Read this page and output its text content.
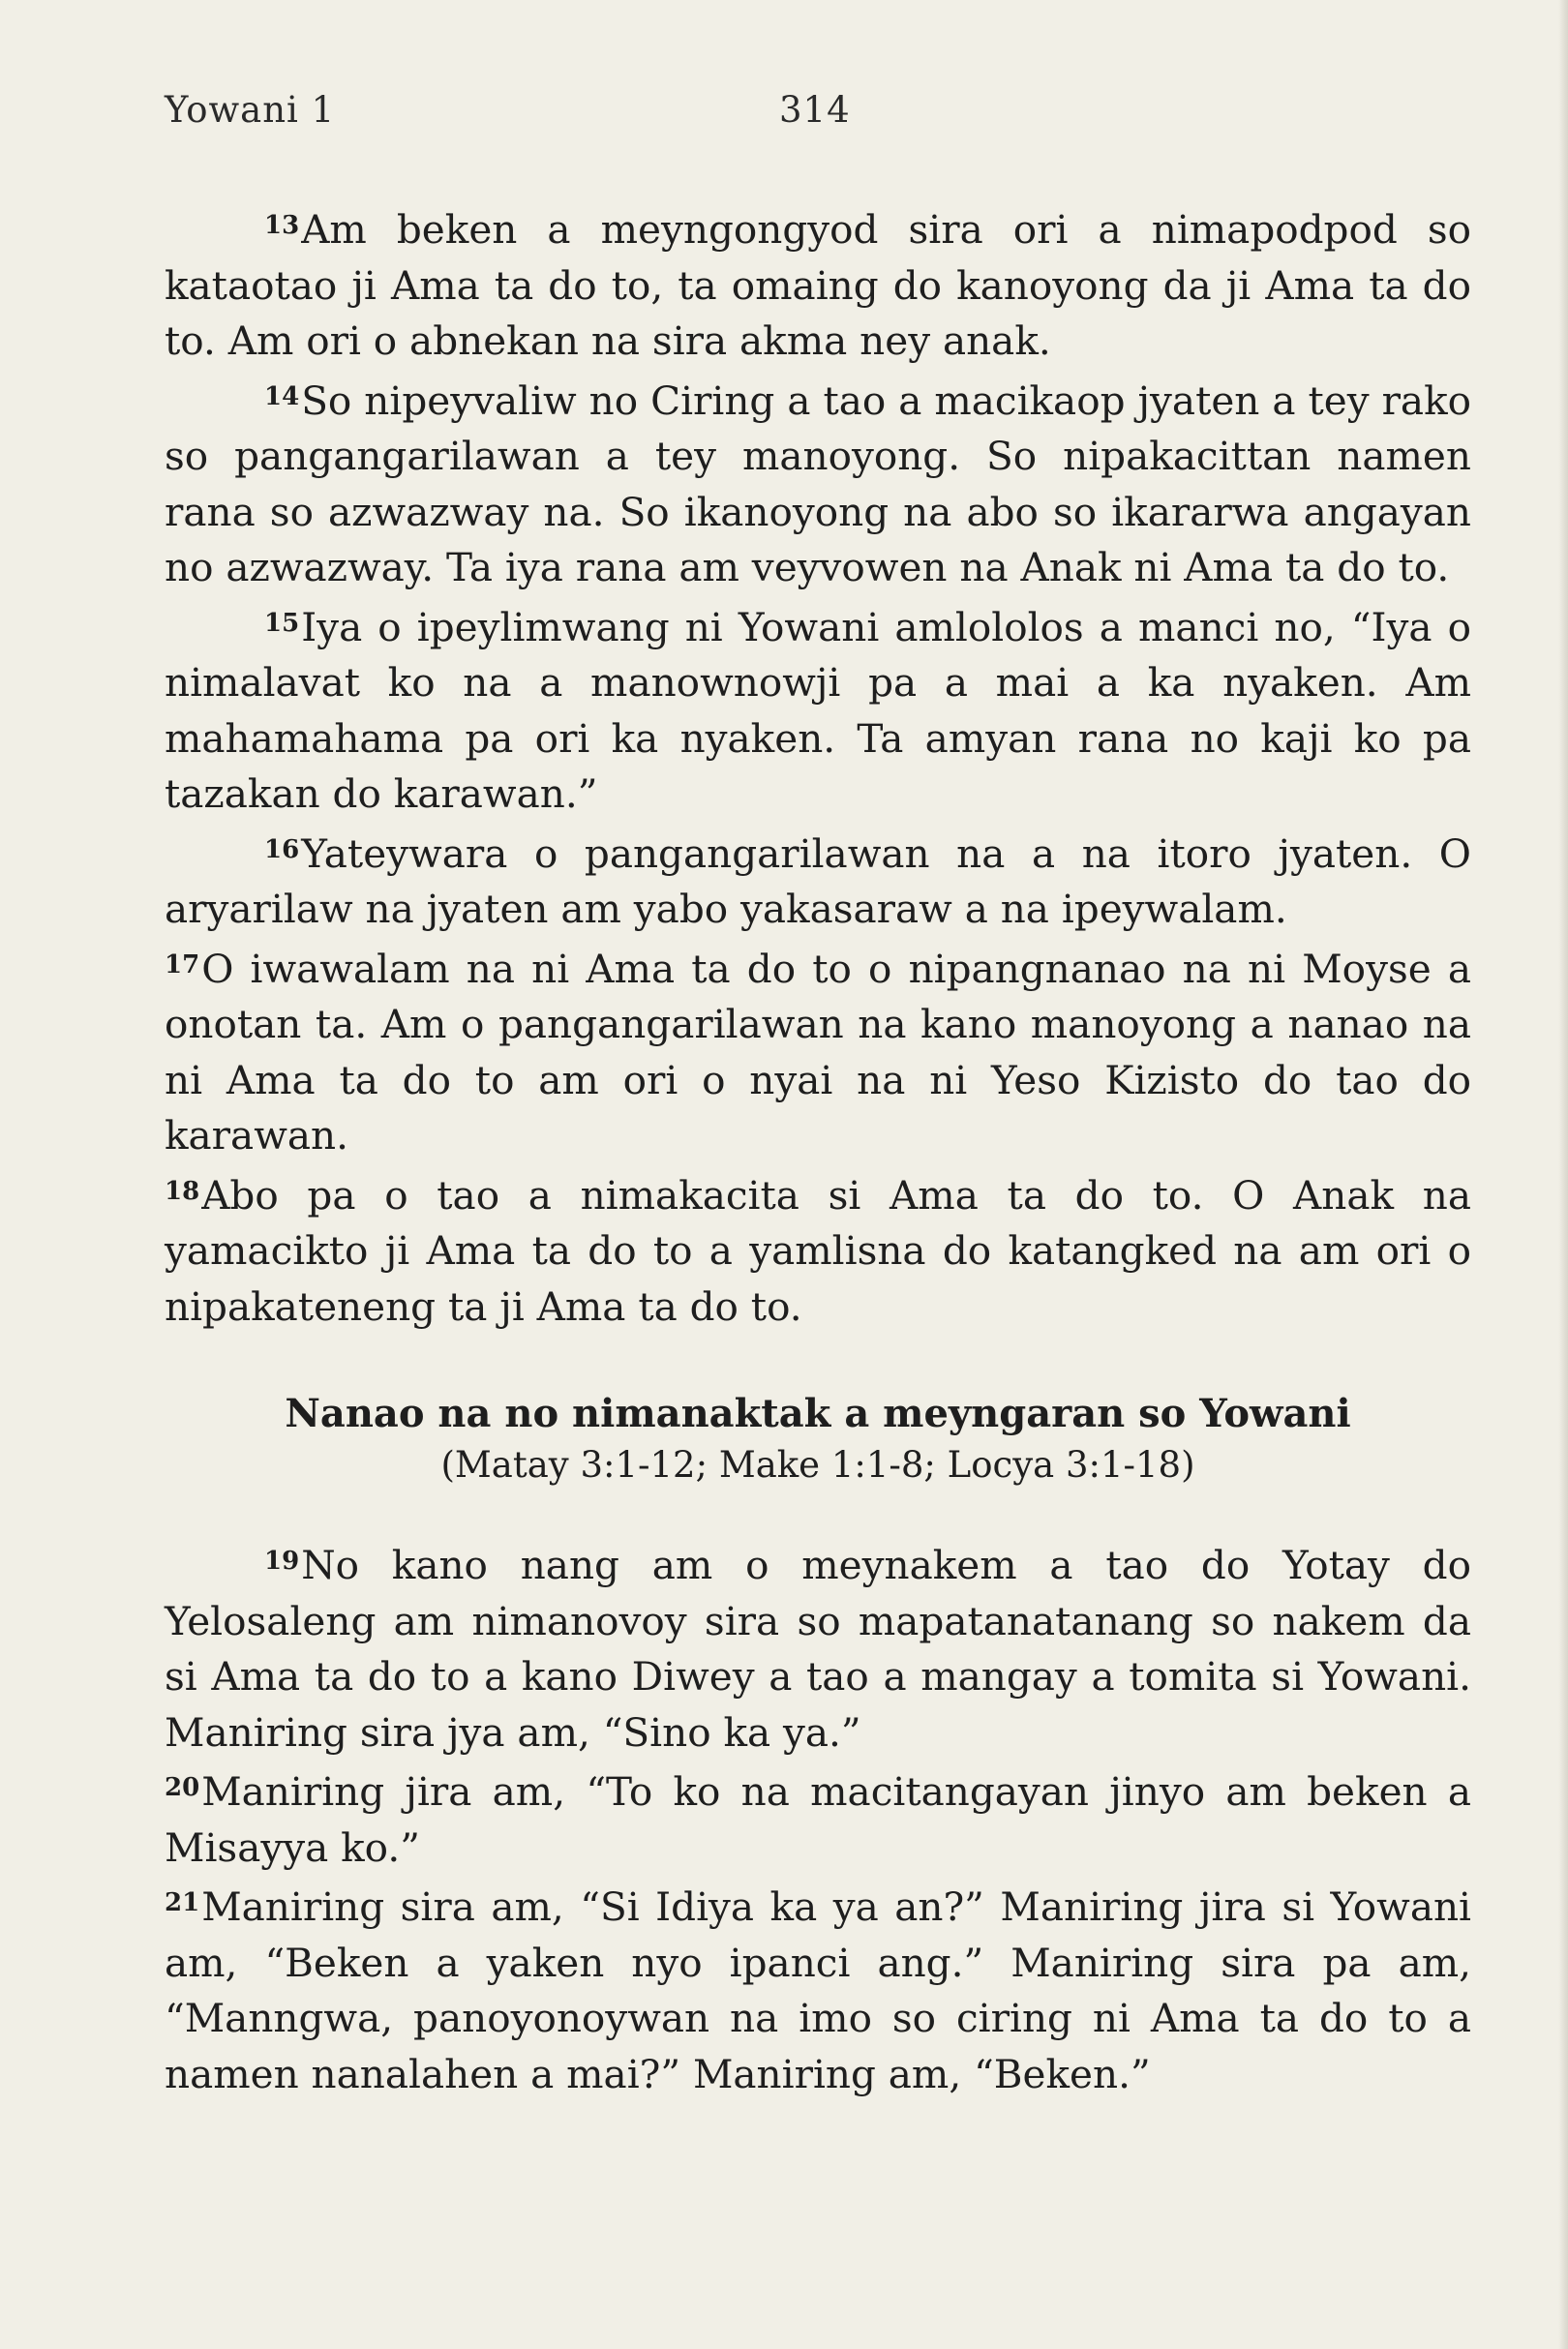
Yowani 1	314

$^{13}$Am beken a meyngongyod sira ori a nimapodpod so kataotao ji Ama ta do to, ta omaing do kanoyong da ji Ama ta do to. Am ori o abnekan na sira akma ney anak.

$^{14}$So nipeyvaliw no Ciring a tao a macikaop jyaten a tey rako so pangangarilawan a tey manoyong. So nipakacittan namen rana so azwazway na. So ikanoyong na abo so ikararwa angayan no azwazway. Ta iya rana am veyvowen na Anak ni Ama ta do to.

$^{15}$Iya o ipeylimwang ni Yowani amlololos a manci no, “Iya o nimalavat ko na a manownowji pa a mai a ka nyaken. Am mahamahama pa ori ka nyaken. Ta amyan rana no kaji ko pa tazakan do karawan.”

$^{16}$Yateywara o pangangarilawan na a na itoro jyaten. O aryarilaw na jyaten am yabo yakasaraw a na ipeywalam.

$^{17}$O iwawalam na ni Ama ta do to o nipangnanao na ni Moyse a onotan ta. Am o pangangarilawan na kano manoyong a nanao na ni Ama ta do to am ori o nyai na ni Yeso Kizisto do tao do karawan.

$^{18}$Abo pa o tao a nimakacita si Ama ta do to. O Anak na yamacikto ji Ama ta do to a yamlisna do katangked na am ori o nipakateneng ta ji Ama ta do to.

Nanao na no nimanaktak a meyngaran so Yowani
(Matay 3:1-12; Make 1:1-8; Locya 3:1-18)

$^{19}$No kano nang am o meynakem a tao do Yotay do Yelosaleng am nimanovoy sira so mapatanatanang so nakem da si Ama ta do to a kano Diwey a tao a mangay a tomita si Yowani. Maniring sira jya am, “Sino ka ya.”

$^{20}$Maniring jira am, “To ko na macitangayan jinyo am beken a Misayya ko.”

$^{21}$Maniring sira am, “Si Idiya ka ya an?” Maniring jira si Yowani am, “Beken a yaken nyo ipanci ang.” Maniring sira pa am, “Manngwa, panoyonoywan na imo so ciring ni Ama ta do to a namen nanalahen a mai?” Maniring am, “Beken.”
